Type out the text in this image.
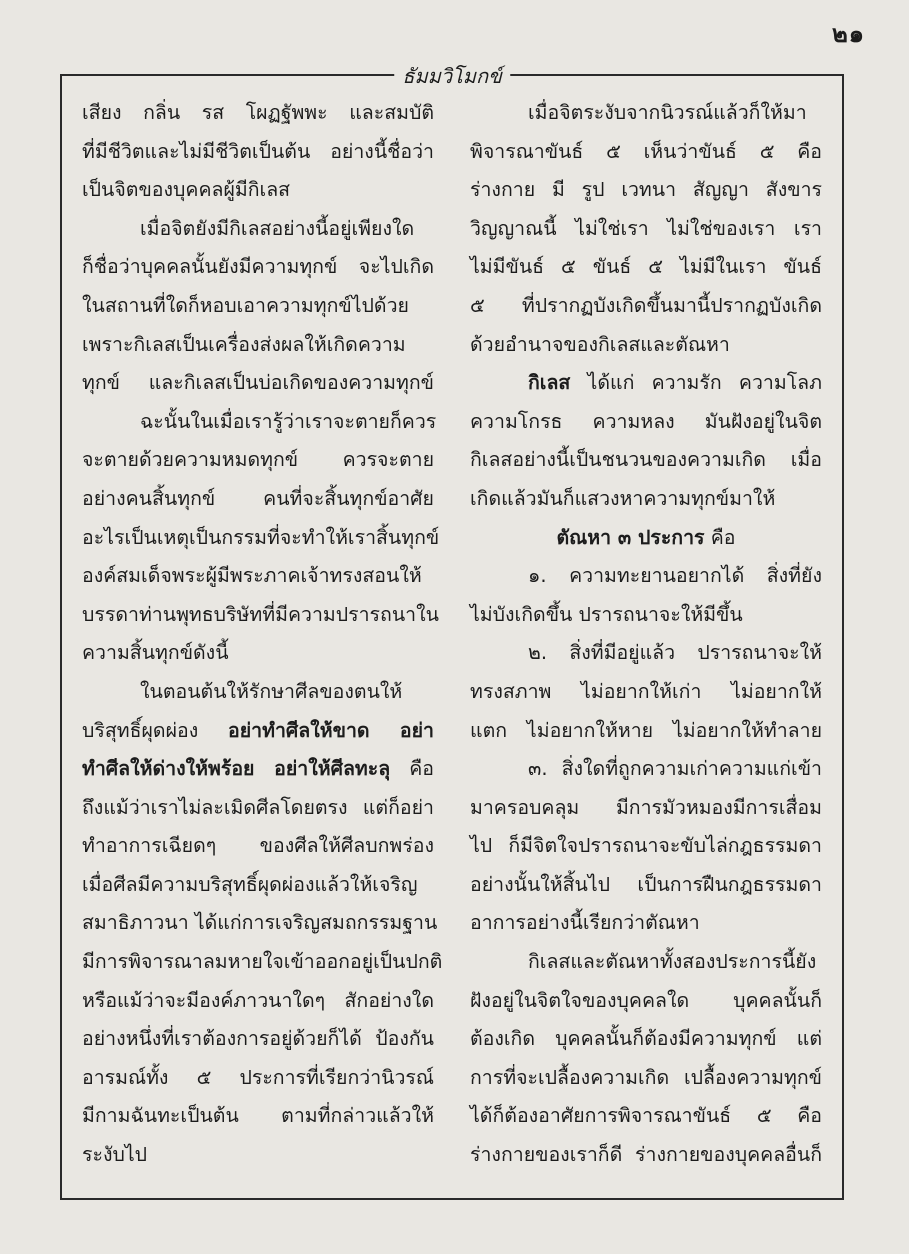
๒๑
ธัมมวิโมกข์
เสียง กลิ่น รส โผฏฐัพพะ และสมบัติ
ที่มีชีวิตและไม่มีชีวิตเป็นต้น อย่างนี้ชื่อว่า
เป็นจิตของบุคคลผู้มีกิเลส
เมื่อจิตยังมีกิเลสอย่างนี้อยู่เพียงใด
ก็ชื่อว่าบุคคลนั้นยังมีความทุกข์ จะไปเกิด
ในสถานที่ใดก็หอบเอาความทุกข์ไปด้วย
เพราะกิเลสเป็นเครื่องส่งผลให้เกิดความ
ทุกข์ และกิเลสเป็นบ่อเกิดของความทุกข์
ฉะนั้นในเมื่อเรารู้ว่าเราจะตายก็ควร
จะตายด้วยความหมดทุกข์ ควรจะตาย
อย่างคนสิ้นทุกข์ คนที่จะสิ้นทุกข์อาศัย
อะไรเป็นเหตุเป็นกรรมที่จะทำให้เราสิ้นทุกข์
องค์สมเด็จพระผู้มีพระภาคเจ้าทรงสอนให้
บรรดาท่านพุทธบริษัทที่มีความปรารถนาใน
ความสิ้นทุกข์ดังนี้
ในตอนต้นให้รักษาศีลของตนให้
บริสุทธิ์ผุดผ่อง อย่าทำศีลให้ขาด อย่า
ทำศีลให้ด่างให้พร้อย อย่าให้ศีลทะลุ คือ
ถึงแม้ว่าเราไม่ละเมิดศีลโดยตรง แต่ก็อย่า
ทำอาการเฉียดๆ ของศีลให้ศีลบกพร่อง
เมื่อศีลมีความบริสุทธิ์ผุดผ่องแล้วให้เจริญ
สมาธิภาวนา ได้แก่การเจริญสมถกรรมฐาน
มีการพิจารณาลมหายใจเข้าออกอยู่เป็นปกติ
หรือแม้ว่าจะมีองค์ภาวนาใดๆ สักอย่างใด
อย่างหนึ่งที่เราต้องการอยู่ด้วยก็ได้ ป้องกัน
อารมณ์ทั้ง ๕ ประการที่เรียกว่านิวรณ์
มีกามฉันทะเป็นต้น ตามที่กล่าวแล้วให้
ระงับไป
เมื่อจิตระงับจากนิวรณ์แล้วก็ให้มา
พิจารณาขันธ์ ๕ เห็นว่าขันธ์ ๕ คือ
ร่างกาย มี รูป เวทนา สัญญา สังขาร
วิญญาณนี้ ไม่ใช่เรา ไม่ใช่ของเรา เรา
ไม่มีขันธ์ ๕ ขันธ์ ๕ ไม่มีในเรา ขันธ์
๕ ที่ปรากฏบังเกิดขึ้นมานี้ปรากฏบังเกิด
ด้วยอำนาจของกิเลสและตัณหา
กิเลส ได้แก่ ความรัก ความโลภ
ความโกรธ ความหลง มันฝังอยู่ในจิต
กิเลสอย่างนี้เป็นชนวนของความเกิด เมื่อ
เกิดแล้วมันก็แสวงหาความทุกข์มาให้
ตัณหา ๓ ประการ คือ
๑. ความทะยานอยากได้ สิ่งที่ยัง
ไม่บังเกิดขึ้น ปรารถนาจะให้มีขึ้น
๒. สิ่งที่มีอยู่แล้ว ปรารถนาจะให้
ทรงสภาพ ไม่อยากให้เก่า ไม่อยากให้
แตก ไม่อยากให้หาย ไม่อยากให้ทำลาย
๓. สิ่งใดที่ถูกความเก่าความแก่เข้า
มาครอบคลุม มีการมัวหมองมีการเสื่อม
ไป ก็มีจิตใจปรารถนาจะขับไล่กฎธรรมดา
อย่างนั้นให้สิ้นไป เป็นการฝืนกฎธรรมดา
อาการอย่างนี้เรียกว่าตัณหา
กิเลสและตัณหาทั้งสองประการนี้ยัง
ฝังอยู่ในจิตใจของบุคคลใด บุคคลนั้นก็
ต้องเกิด บุคคลนั้นก็ต้องมีความทุกข์ แต่
การที่จะเปลื้องความเกิด เปลื้องความทุกข์
ได้ก็ต้องอาศัยการพิจารณาขันธ์ ๕ คือ
ร่างกายของเราก็ดี ร่างกายของบุคคลอื่นก็
